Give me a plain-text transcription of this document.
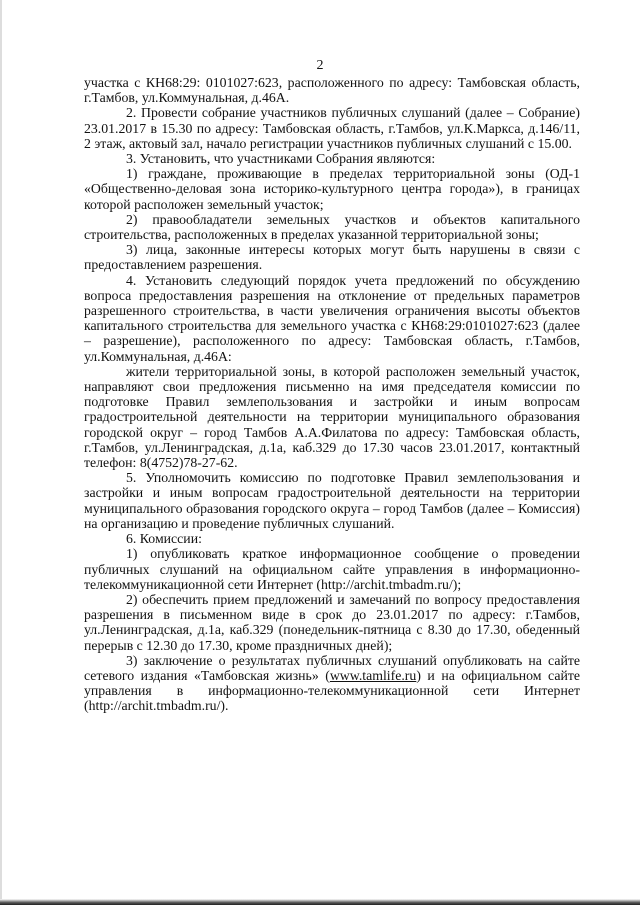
2

участка с КН68:29: 0101027:623, расположенного по адресу: Тамбовская область, г.Тамбов, ул.Коммунальная, д.46А.

2. Провести собрание участников публичных слушаний (далее – Собрание) 23.01.2017 в 15.30 по адресу: Тамбовская область, г.Тамбов, ул.К.Маркса, д.146/11, 2 этаж, актовый зал, начало регистрации участников публичных слушаний с 15.00.

3. Установить, что участниками Собрания являются:

1) граждане, проживающие в пределах территориальной зоны (ОД-1 «Общественно-деловая зона историко-культурного центра города»), в границах которой расположен земельный участок;

2) правообладатели земельных участков и объектов капитального строительства, расположенных в пределах указанной территориальной зоны;

3) лица, законные интересы которых могут быть нарушены в связи с предоставлением разрешения.

4. Установить следующий порядок учета предложений по обсуждению вопроса предоставления разрешения на отклонение от предельных параметров разрешенного строительства, в части увеличения ограничения высоты объектов капитального строительства для земельного участка с КН68:29:0101027:623 (далее – разрешение), расположенного по адресу: Тамбовская область, г.Тамбов, ул.Коммунальная, д.46А:

жители территориальной зоны, в которой расположен земельный участок, направляют свои предложения письменно на имя председателя комиссии по подготовке Правил землепользования и застройки и иным вопросам градостроительной деятельности на территории муниципального образования городской округ – город Тамбов А.А.Филатова по адресу: Тамбовская область, г.Тамбов, ул.Ленинградская, д.1а, каб.329 до 17.30 часов 23.01.2017, контактный телефон: 8(4752)78-27-62.

5. Уполномочить комиссию по подготовке Правил землепользования и застройки и иным вопросам градостроительной деятельности на территории муниципального образования городского округа – город Тамбов (далее – Комиссия) на организацию и проведение публичных слушаний.

6. Комиссии:

1) опубликовать краткое информационное сообщение о проведении публичных слушаний на официальном сайте управления в информационно-телекоммуникационной сети Интернет (http://archit.tmbadm.ru/);

2) обеспечить прием предложений и замечаний по вопросу предоставления разрешения в письменном виде в срок до 23.01.2017 по адресу: г.Тамбов, ул.Ленинградская, д.1а, каб.329 (понедельник-пятница с 8.30 до 17.30, обеденный перерыв с 12.30 до 17.30, кроме праздничных дней);

3) заключение о результатах публичных слушаний опубликовать на сайте сетевого издания «Тамбовская жизнь» (www.tamlife.ru) и на официальном сайте управления в информационно-телекоммуникационной сети Интернет (http://archit.tmbadm.ru/).
